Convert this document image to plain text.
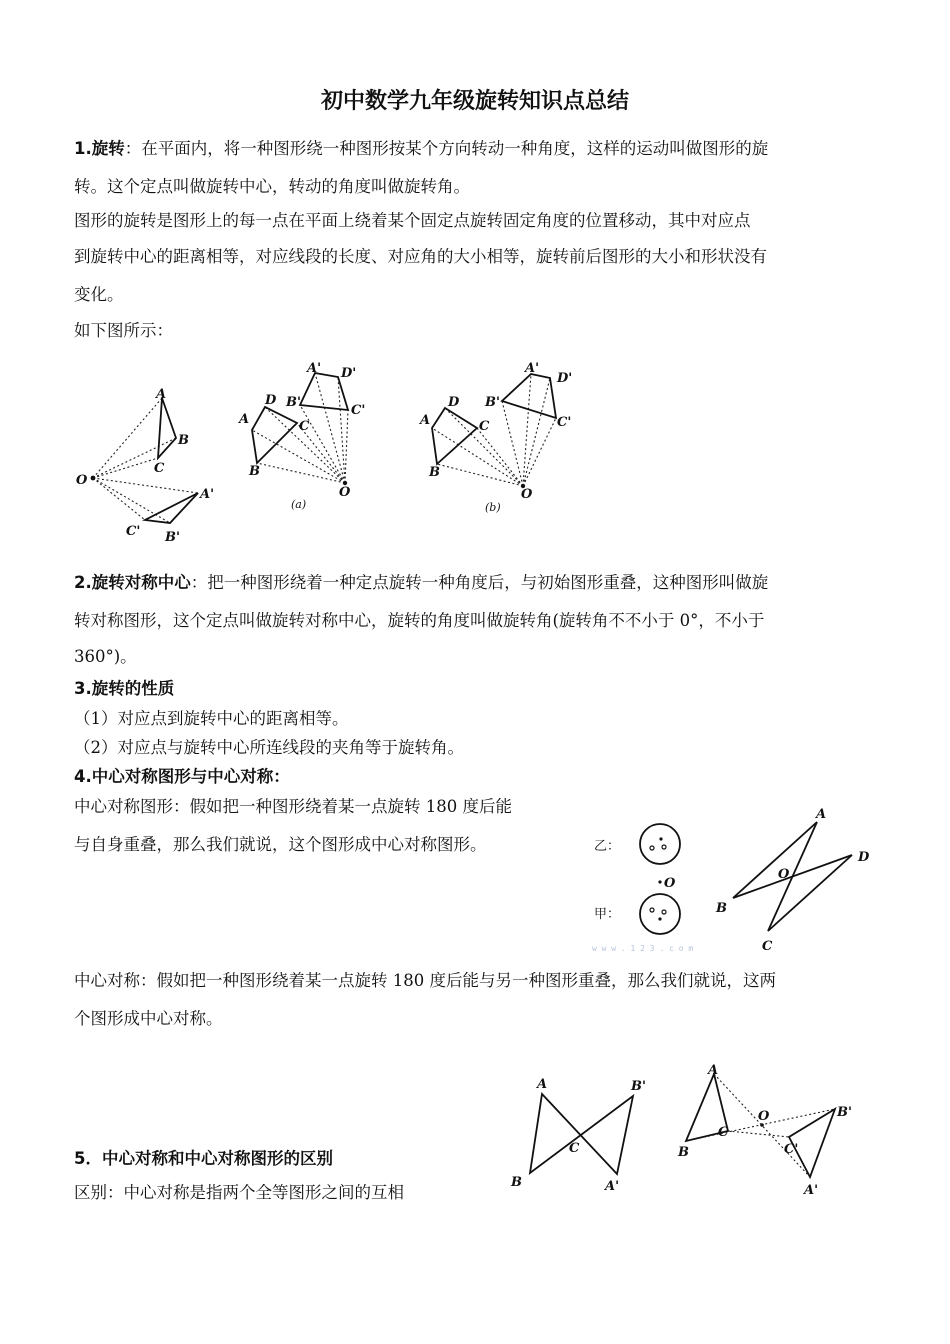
初中数学九年级旋转知识点总结
1.旋转：在平面内，将一种图形绕一种图形按某个方向转动一种角度，这样的运动叫做图形的旋
转。这个定点叫做旋转中心，转动的角度叫做旋转角。
图形的旋转是图形上的每一点在平面上绕着某个固定点旋转固定角度的位置移动，其中对应点
到旋转中心的距离相等，对应线段的长度、对应角的大小相等，旋转前后图形的大小和形状没有
变化。
如下图所示：
A
B
C
O
A'
B'
C'
A
D
C
B
A' D'
B'
C'
O
(a)
A
D
C
B
A'
D'
B'
C'
O
(b)
2.旋转对称中心：把一种图形绕着一种定点旋转一种角度后，与初始图形重叠，这种图形叫做旋
转对称图形，这个定点叫做旋转对称中心，旋转的角度叫做旋转角(旋转角不不小于 0°，不小于
360°)。
3.旋转的性质
（1）对应点到旋转中心的距离相等。
（2）对应点与旋转中心所连线段的夹角等于旋转角。
4.中心对称图形与中心对称：
中心对称图形：假如把一种图形绕着某一点旋转 180 度后能
与自身重叠，那么我们就说，这个图形成中心对称图形。	乙：
甲：
O
w w w . 1 2 3 . c o m
A
B
C
D
O
中心对称：假如把一种图形绕着某一点旋转 180 度后能与另一种图形重叠，那么我们就说，这两
个图形成中心对称。
5．中心对称和中心对称图形的区别
区别：中心对称是指两个全等图形之间的互相
A	B'
C
B	A'
A
B
C
O	B'
C'
A'
